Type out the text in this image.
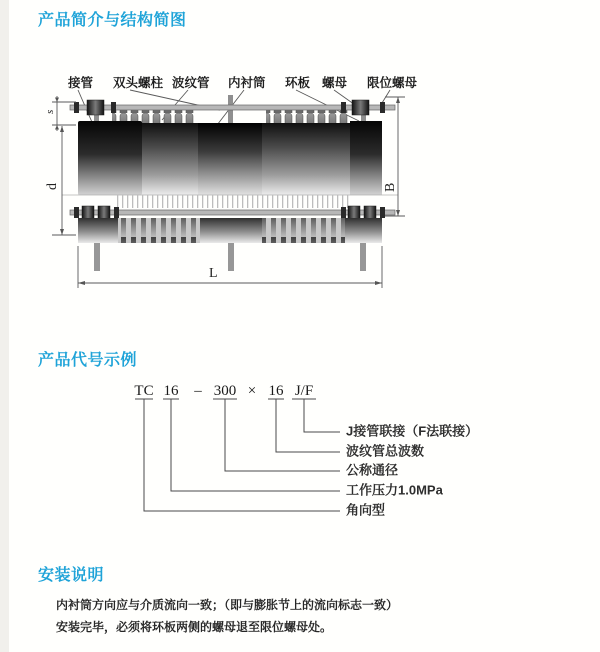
产品简介与结构简图
接管 双头螺柱 波纹管 内衬筒 环板 螺母 限位螺母
s
d	B
L
产品代号示例
TC 16 – 300 × 16 J/F
J接管联接（F法联接）
波纹管总波数
公称通径
工作压力1.0MPa
角向型
安装说明
内衬筒方向应与介质流向一致；（即与膨胀节上的流向标志一致）
安装完毕，必须将环板两侧的螺母退至限位螺母处。
